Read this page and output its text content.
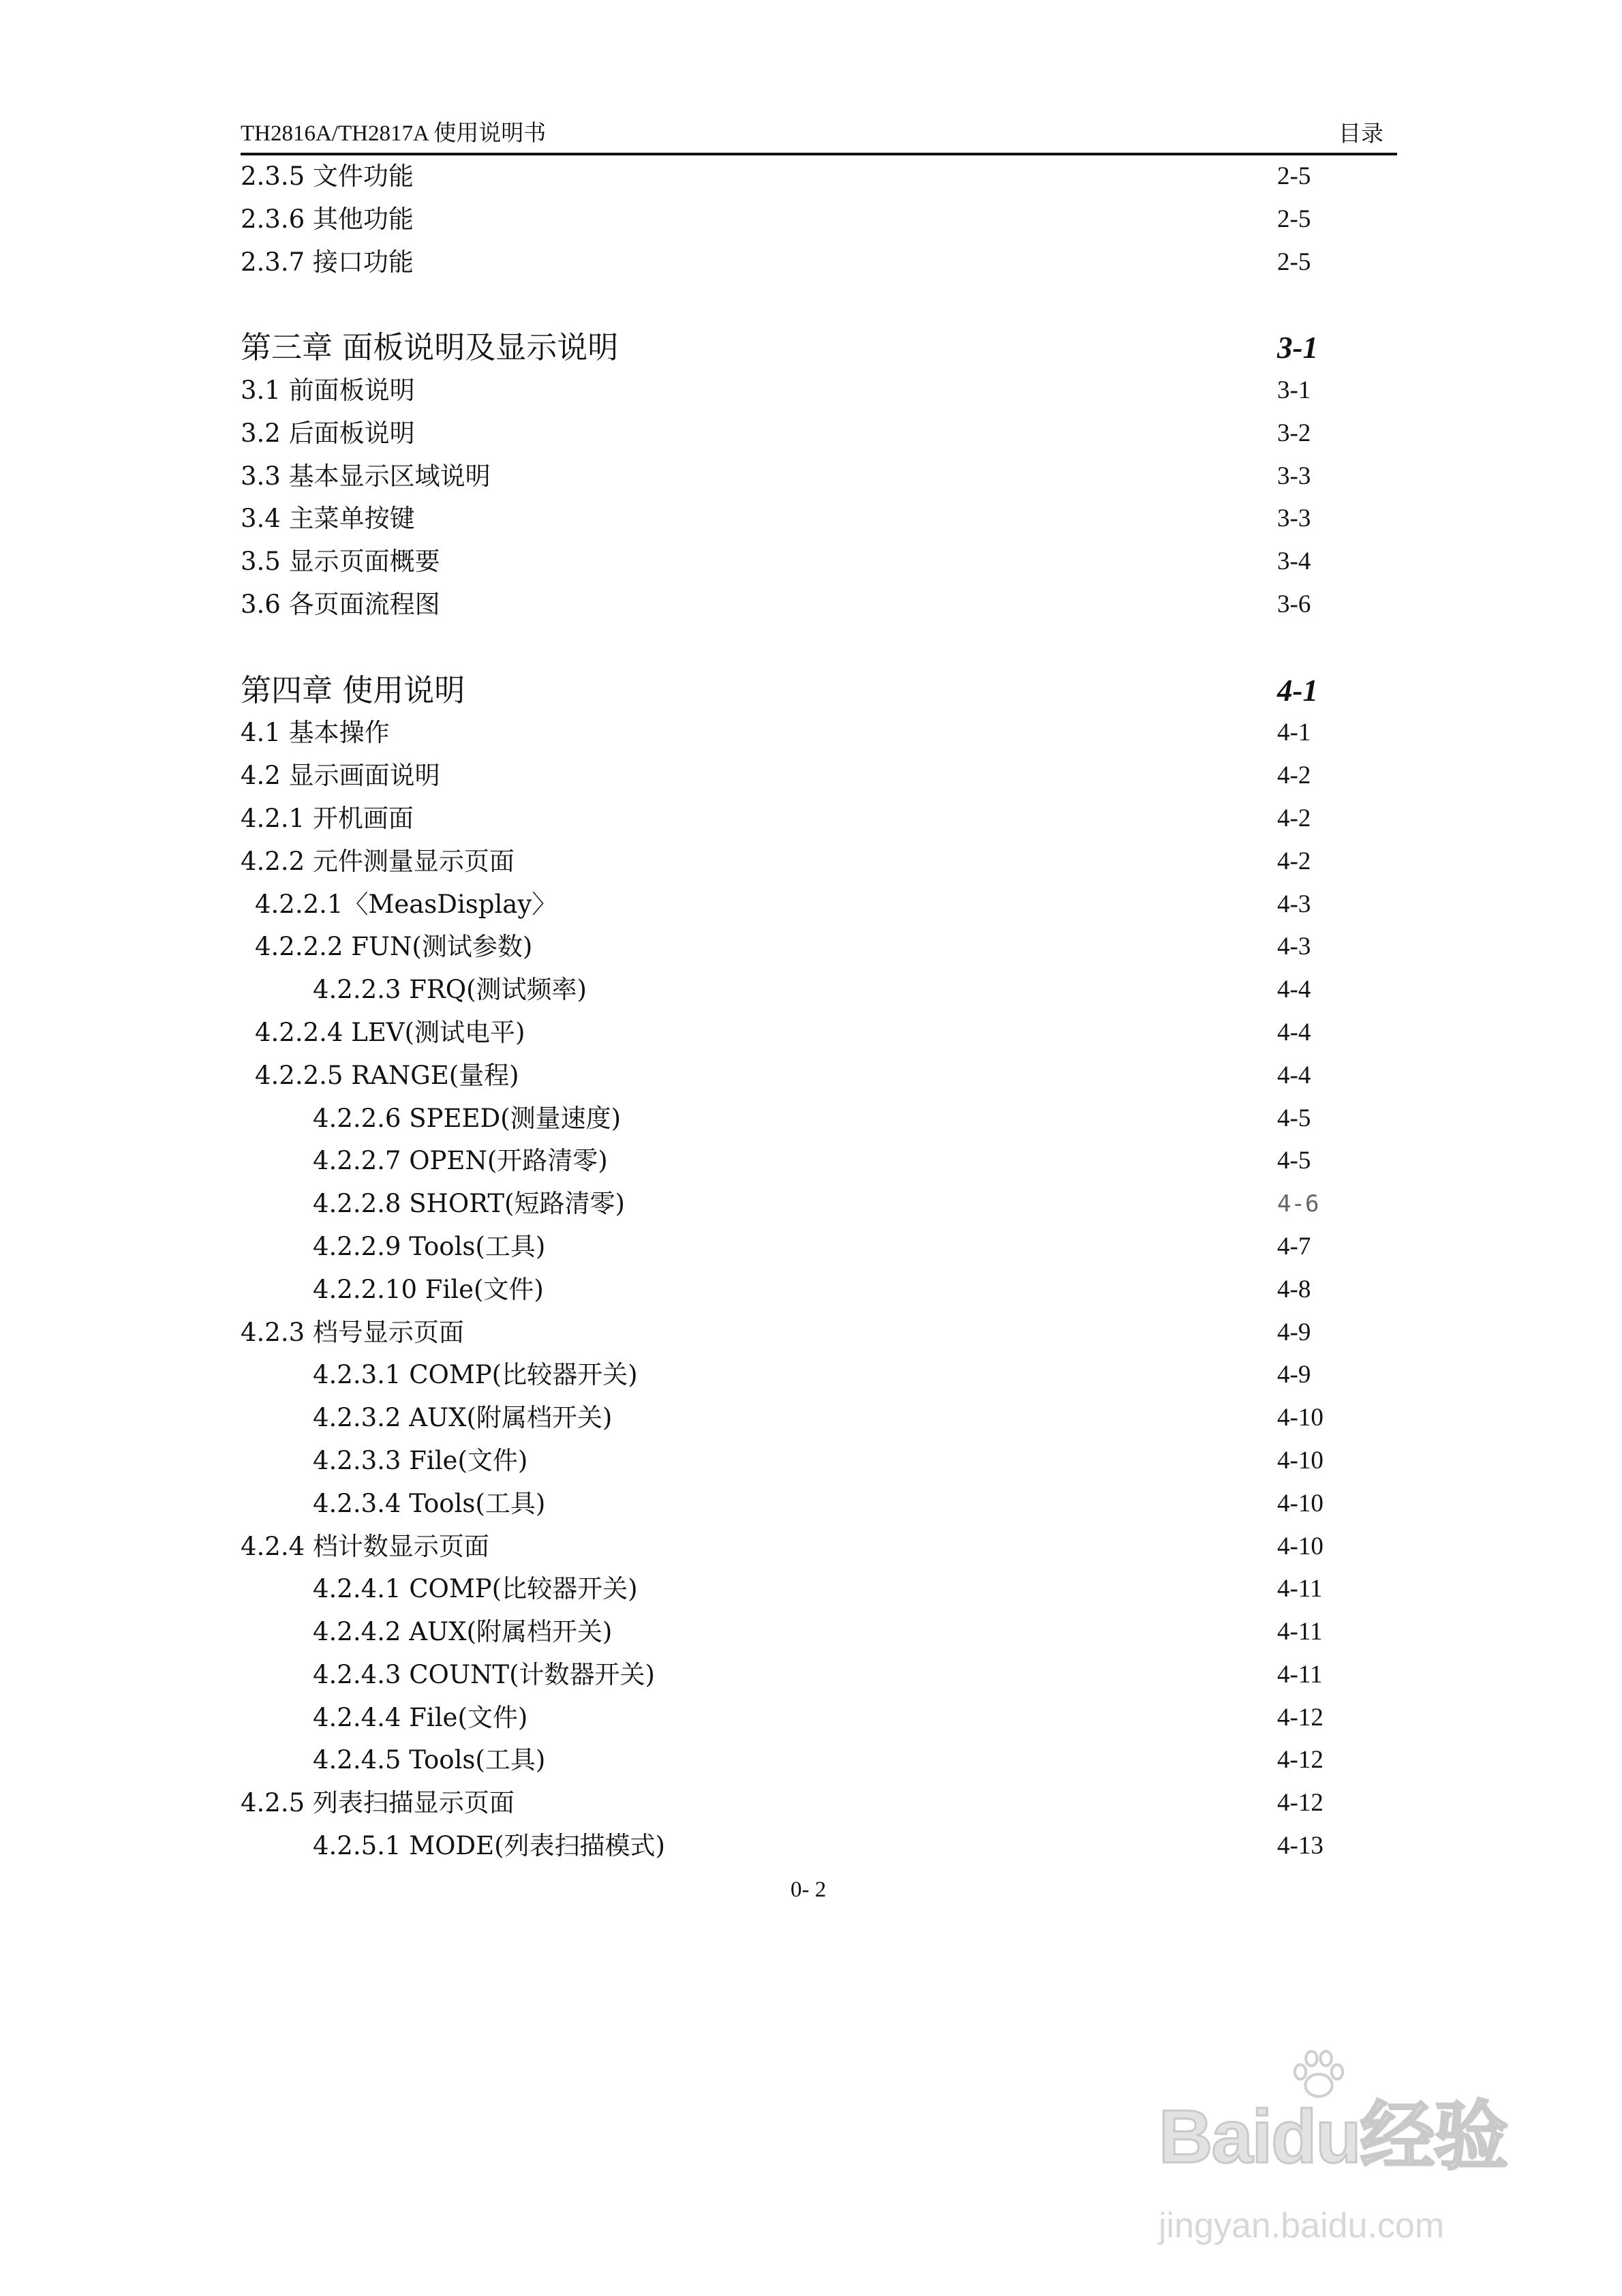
TH2816A/TH2817A 使用说明书	目录
2.3.5 文件功能	2-5
2.3.6 其他功能	2-5
2.3.7 接口功能	2-5
第三章 面板说明及显示说明	3-1
3.1 前面板说明	3-1
3.2 后面板说明	3-2
3.3 基本显示区域说明	3-3
3.4 主菜单按键	3-3
3.5 显示页面概要	3-4
3.6 各页面流程图	3-6
第四章 使用说明	4-1
4.1 基本操作	4-1
4.2 显示画面说明	4-2
4.2.1 开机画面	4-2
4.2.2 元件测量显示页面	4-2
4.2.2.1〈MeasDisplay〉	4-3
4.2.2.2 FUN(测试参数)	4-3
4.2.2.3 FRQ(测试频率)	4-4
4.2.2.4 LEV(测试电平)	4-4
4.2.2.5 RANGE(量程)	4-4
4.2.2.6 SPEED(测量速度)	4-5
4.2.2.7 OPEN(开路清零)	4-5
4.2.2.8 SHORT(短路清零)	4-6
4.2.2.9 Tools(工具)	4-7
4.2.2.10 File(文件)	4-8
4.2.3 档号显示页面	4-9
4.2.3.1 COMP(比较器开关)	4-9
4.2.3.2 AUX(附属档开关)	4-10
4.2.3.3 File(文件)	4-10
4.2.3.4 Tools(工具)	4-10
4.2.4 档计数显示页面	4-10
4.2.4.1 COMP(比较器开关)	4-11
4.2.4.2 AUX(附属档开关)	4-11
4.2.4.3 COUNT(计数器开关)	4-11
4.2.4.4 File(文件)	4-12
4.2.4.5 Tools(工具)	4-12
4.2.5 列表扫描显示页面	4-12
4.2.5.1 MODE(列表扫描模式)	4-13
0- 2
Baidu经验
jingyan.baidu.com
